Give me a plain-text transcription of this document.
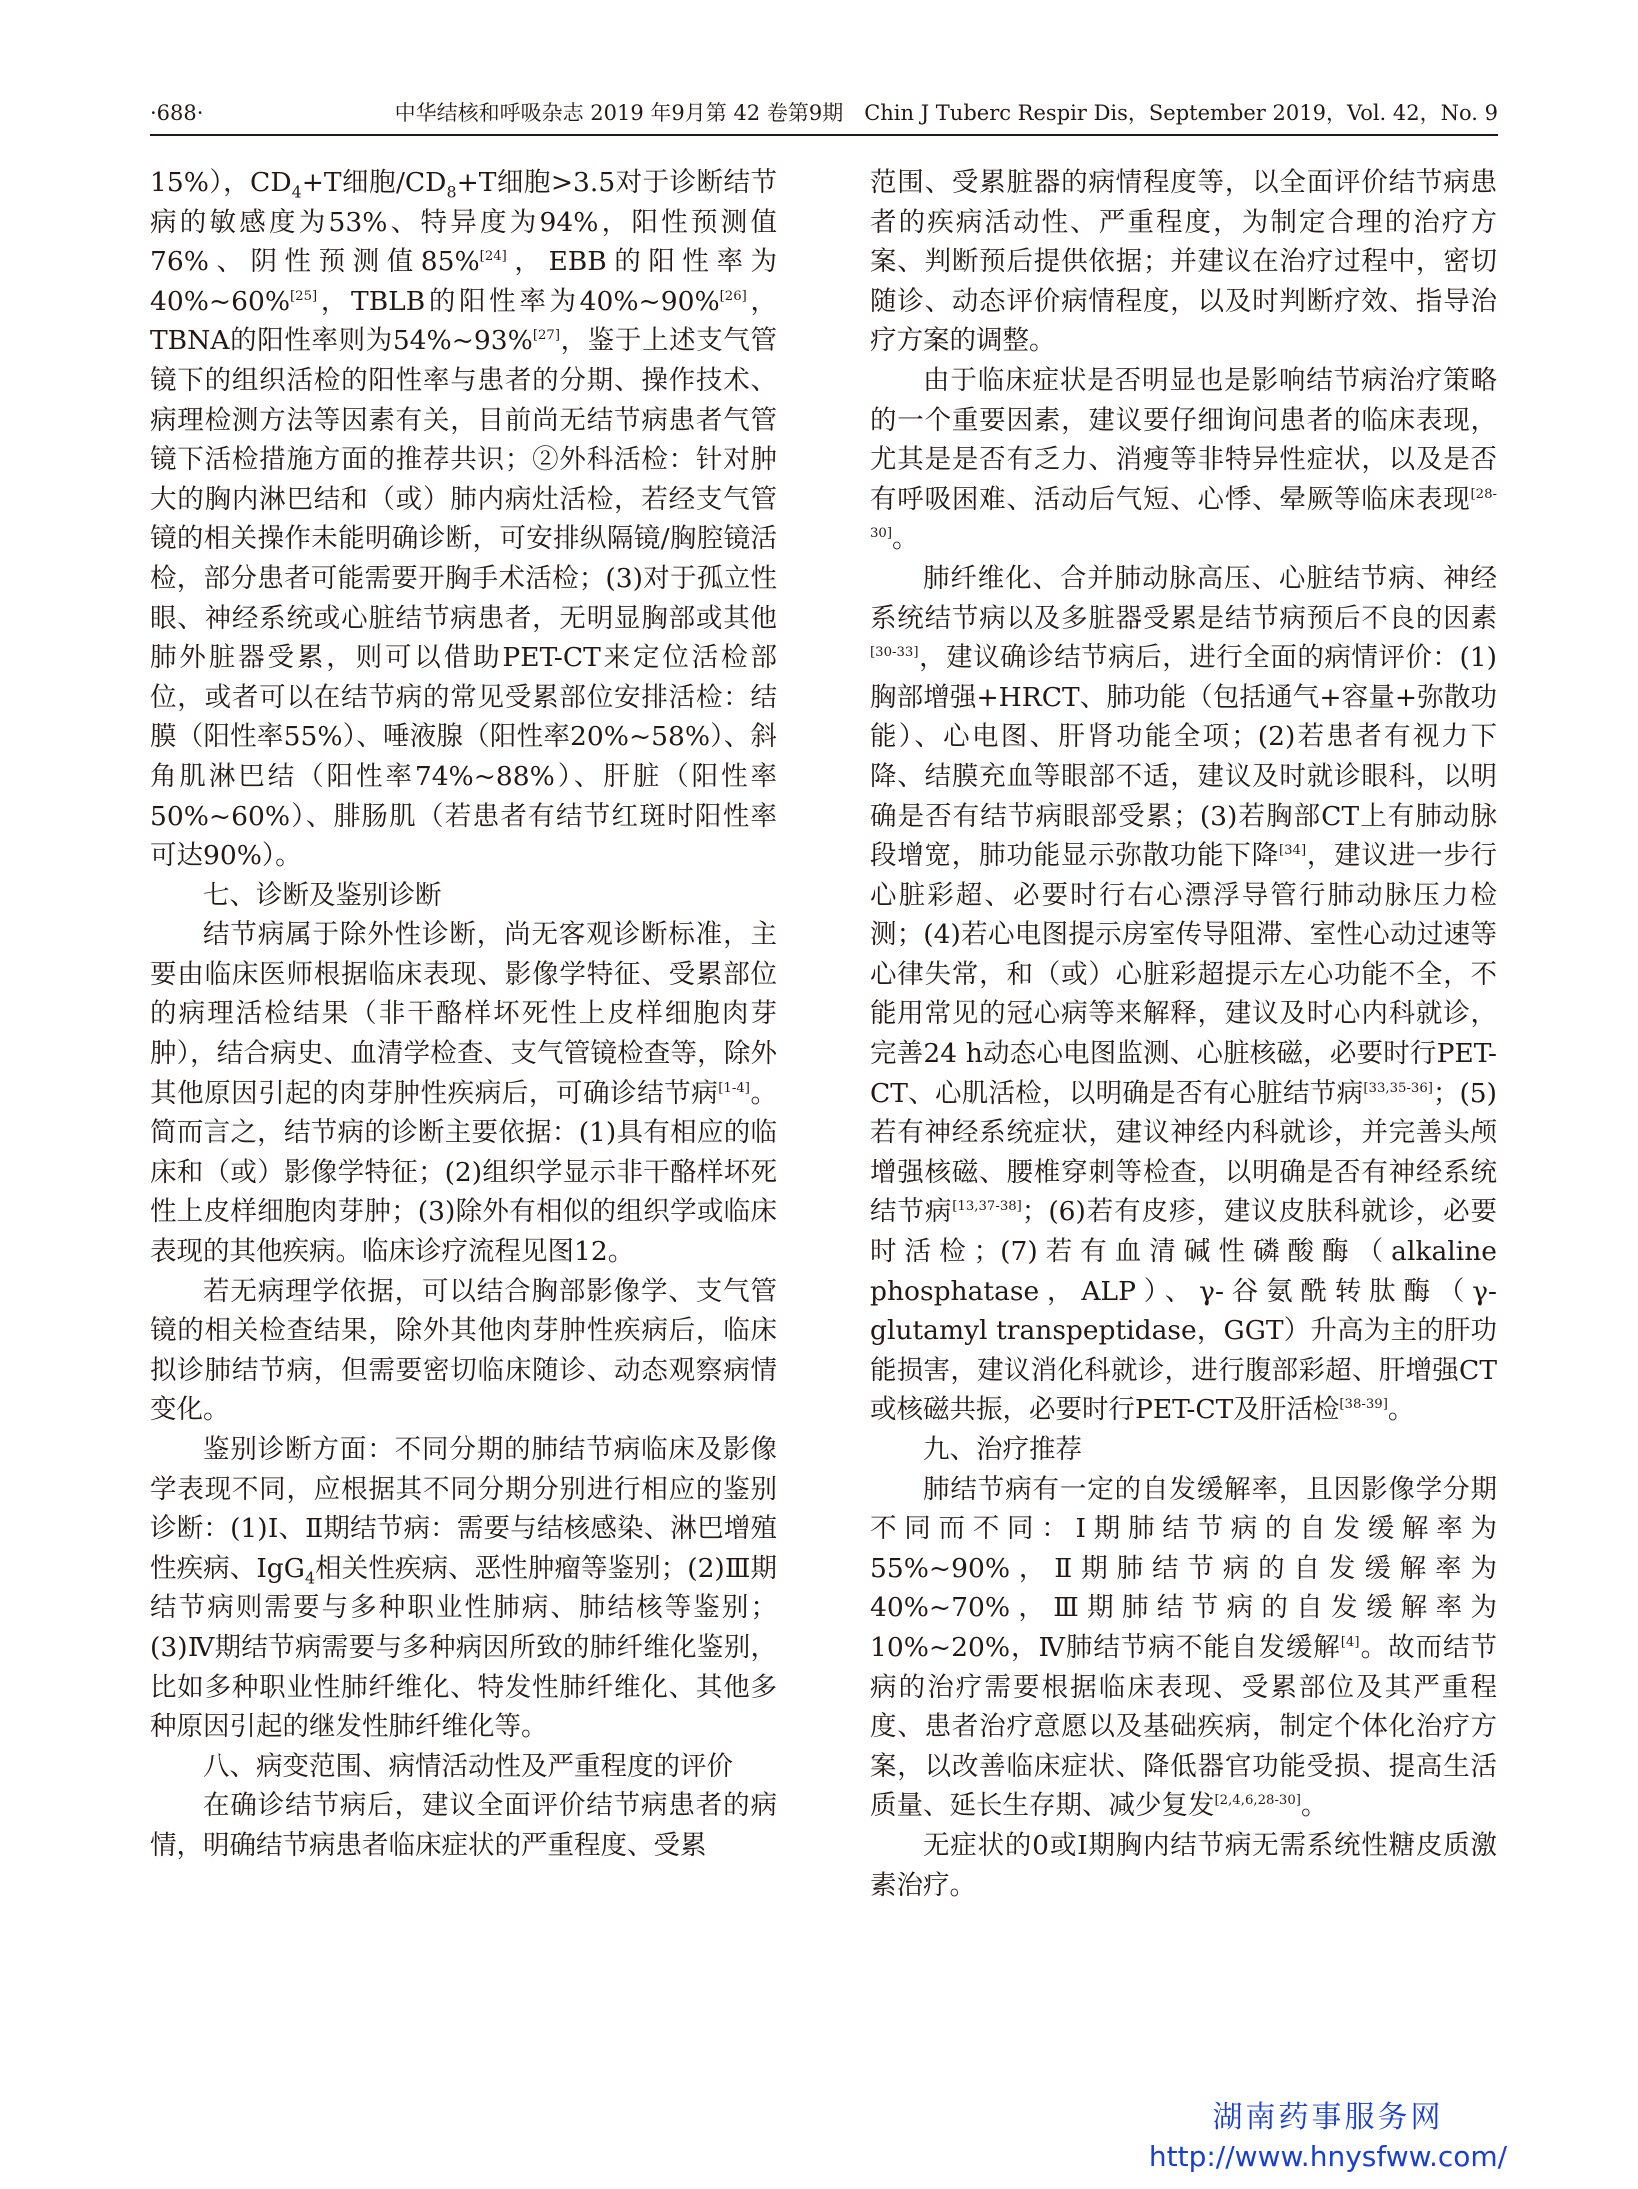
·688·	中华结核和呼吸杂志 2019 年9月第 42 卷第9期　Chin J Tuberc Respir Dis，September 2019，Vol. 42，No. 9

15%），$CD_4+T$细胞$/CD_8+T$细胞>3.5对于诊断结节病的敏感度为53%、特异度为94%，阳性预测值76%、阴性预测值85%[24]，EBB的阳性率为40%~60%[25]，TBLB的阳性率为40%~90%[26]，TBNA的阳性率则为54%~93%[27]，鉴于上述支气管镜下的组织活检的阳性率与患者的分期、操作技术、病理检测方法等因素有关，目前尚无结节病患者气管镜下活检措施方面的推荐共识；②外科活检：针对肿大的胸内淋巴结和（或）肺内病灶活检，若经支气管镜的相关操作未能明确诊断，可安排纵隔镜/胸腔镜活检，部分患者可能需要开胸手术活检；(3)对于孤立性眼、神经系统或心脏结节病患者，无明显胸部或其他肺外脏器受累，则可以借助PET-CT来定位活检部位，或者可以在结节病的常见受累部位安排活检：结膜（阳性率55%）、唾液腺（阳性率20%~58%）、斜角肌淋巴结（阳性率74%~88%）、肝脏（阳性率50%~60%）、腓肠肌（若患者有结节红斑时阳性率可达90%）。

七、诊断及鉴别诊断

结节病属于除外性诊断，尚无客观诊断标准，主要由临床医师根据临床表现、影像学特征、受累部位的病理活检结果（非干酪样坏死性上皮样细胞肉芽肿），结合病史、血清学检查、支气管镜检查等，除外其他原因引起的肉芽肿性疾病后，可确诊结节病[1-4]。简而言之，结节病的诊断主要依据：(1)具有相应的临床和（或）影像学特征；(2)组织学显示非干酪样坏死性上皮样细胞肉芽肿；(3)除外有相似的组织学或临床表现的其他疾病。临床诊疗流程见图12。

若无病理学依据，可以结合胸部影像学、支气管镜的相关检查结果，除外其他肉芽肿性疾病后，临床拟诊肺结节病，但需要密切临床随诊、动态观察病情变化。

鉴别诊断方面：不同分期的肺结节病临床及影像学表现不同，应根据其不同分期分别进行相应的鉴别诊断：(1)Ⅰ、Ⅱ期结节病：需要与结核感染、淋巴增殖性疾病、IgG$_4$相关性疾病、恶性肿瘤等鉴别；(2)Ⅲ期结节病则需要与多种职业性肺病、肺结核等鉴别；(3)Ⅳ期结节病需要与多种病因所致的肺纤维化鉴别，比如多种职业性肺纤维化、特发性肺纤维化、其他多种原因引起的继发性肺纤维化等。

八、病变范围、病情活动性及严重程度的评价

在确诊结节病后，建议全面评价结节病患者的病情，明确结节病患者临床症状的严重程度、受累

范围、受累脏器的病情程度等，以全面评价结节病患者的疾病活动性、严重程度，为制定合理的治疗方案、判断预后提供依据；并建议在治疗过程中，密切随诊、动态评价病情程度，以及时判断疗效、指导治疗方案的调整。

由于临床症状是否明显也是影响结节病治疗策略的一个重要因素，建议要仔细询问患者的临床表现，尤其是是否有乏力、消瘦等非特异性症状，以及是否有呼吸困难、活动后气短、心悸、晕厥等临床表现[28-30]。

肺纤维化、合并肺动脉高压、心脏结节病、神经系统结节病以及多脏器受累是结节病预后不良的因素[30-33]，建议确诊结节病后，进行全面的病情评价：(1)胸部增强+HRCT、肺功能（包括通气+容量+弥散功能）、心电图、肝肾功能全项；(2)若患者有视力下降、结膜充血等眼部不适，建议及时就诊眼科，以明确是否有结节病眼部受累；(3)若胸部CT上有肺动脉段增宽，肺功能显示弥散功能下降[34]，建议进一步行心脏彩超、必要时行右心漂浮导管行肺动脉压力检测；(4)若心电图提示房室传导阻滞、室性心动过速等心律失常，和（或）心脏彩超提示左心功能不全，不能用常见的冠心病等来解释，建议及时心内科就诊，完善24 h动态心电图监测、心脏核磁，必要时行PET-CT、心肌活检，以明确是否有心脏结节病[33,35-36]；(5)若有神经系统症状，建议神经内科就诊，并完善头颅增强核磁、腰椎穿刺等检查，以明确是否有神经系统结节病[13,37-38]；(6)若有皮疹，建议皮肤科就诊，必要时活检；(7)若有血清碱性磷酸酶（alkaline phosphatase，ALP）、γ-谷氨酰转肽酶（γ-glutamyl transpeptidase，GGT）升高为主的肝功能损害，建议消化科就诊，进行腹部彩超、肝增强CT或核磁共振，必要时行PET-CT及肝活检[38-39]。

九、治疗推荐

肺结节病有一定的自发缓解率，且因影像学分期不同而不同：Ⅰ期肺结节病的自发缓解率为55%~90%，Ⅱ期肺结节病的自发缓解率为40%~70%，Ⅲ期肺结节病的自发缓解率为10%~20%，Ⅳ肺结节病不能自发缓解[4]。故而结节病的治疗需要根据临床表现、受累部位及其严重程度、患者治疗意愿以及基础疾病，制定个体化治疗方案，以改善临床症状、降低器官功能受损、提高生活质量、延长生存期、减少复发[2,4,6,28-30]。

无症状的0或Ⅰ期胸内结节病无需系统性糖皮质激素治疗。

湖南药事服务网
http://www.hnysfww.com/
